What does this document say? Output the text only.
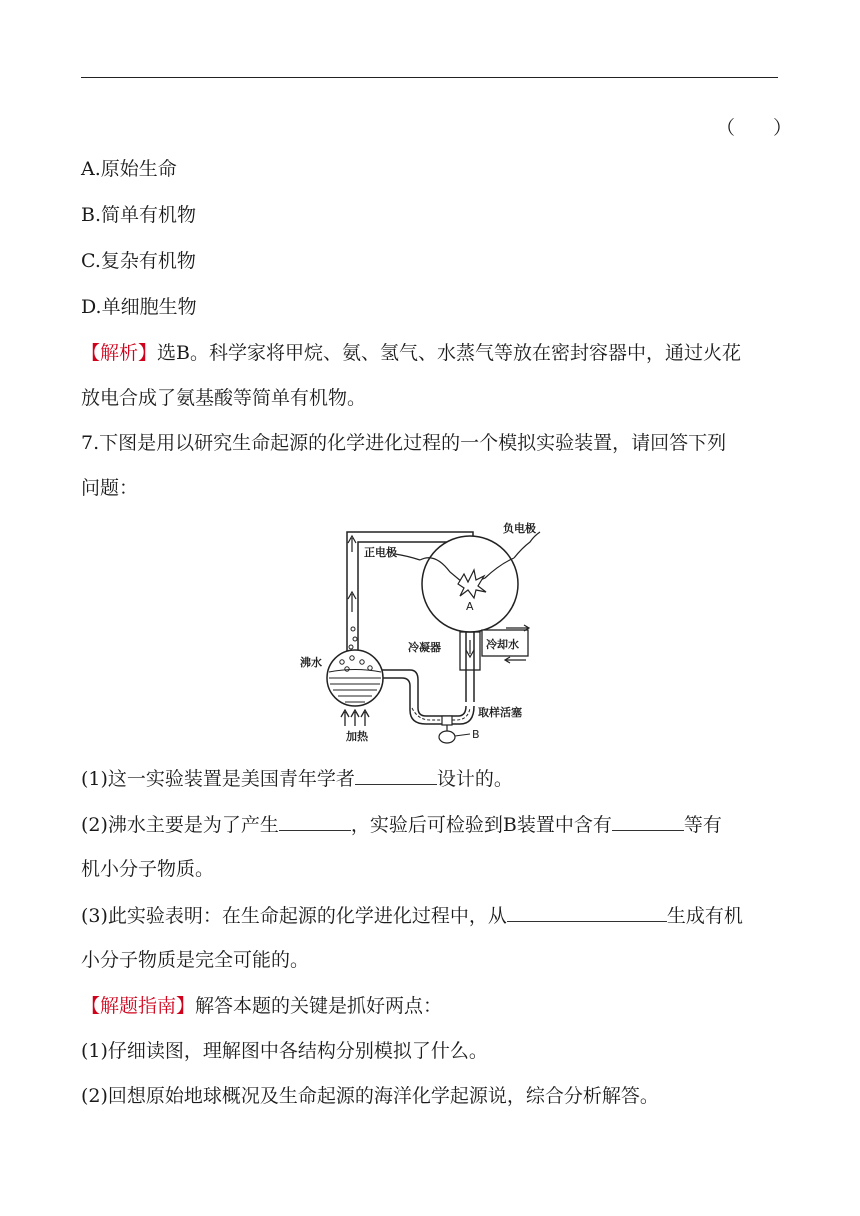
（　　）
A.原始生命
B.简单有机物
C.复杂有机物
D.单细胞生物
【解析】选B。科学家将甲烷、氨、氢气、水蒸气等放在密封容器中，通过火花
放电合成了氨基酸等简单有机物。
7.下图是用以研究生命起源的化学进化过程的一个模拟实验装置，请回答下列
问题：
A
负电极
正电极
冷凝器	冷却水
沸水
取样活塞
B
加热
(1)这一实验装置是美国青年学者	设计的。
(2)沸水主要是为了产生	，实验后可检验到B装置中含有	等有
机小分子物质。
(3)此实验表明：在生命起源的化学进化过程中，从	生成有机
小分子物质是完全可能的。
【解题指南】解答本题的关键是抓好两点：
(1)仔细读图，理解图中各结构分别模拟了什么。
(2)回想原始地球概况及生命起源的海洋化学起源说，综合分析解答。
